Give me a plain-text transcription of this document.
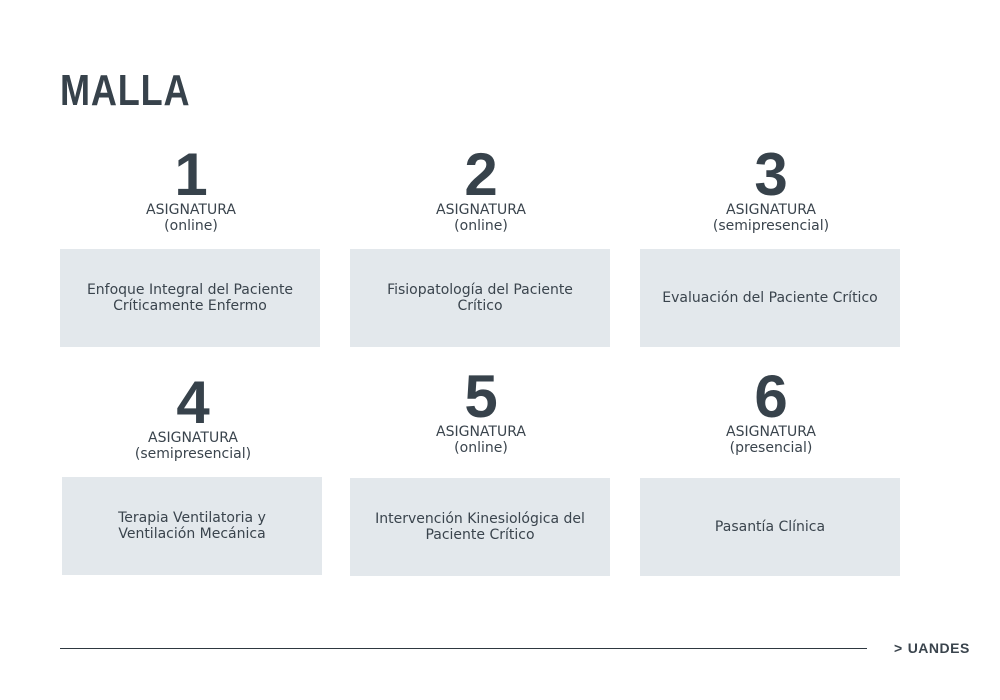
MALLA
1
ASIGNATURA
(online)
Enfoque Integral del Paciente Críticamente Enfermo
2
ASIGNATURA
(online)
Fisiopatología del Paciente Crítico
3
ASIGNATURA
(semipresencial)
Evaluación del Paciente Crítico
4
ASIGNATURA
(semipresencial)
Terapia Ventilatoria y Ventilación Mecánica
5
ASIGNATURA
(online)
Intervención Kinesiológica del Paciente Crítico
6
ASIGNATURA
(presencial)
Pasantía Clínica
> UANDES
